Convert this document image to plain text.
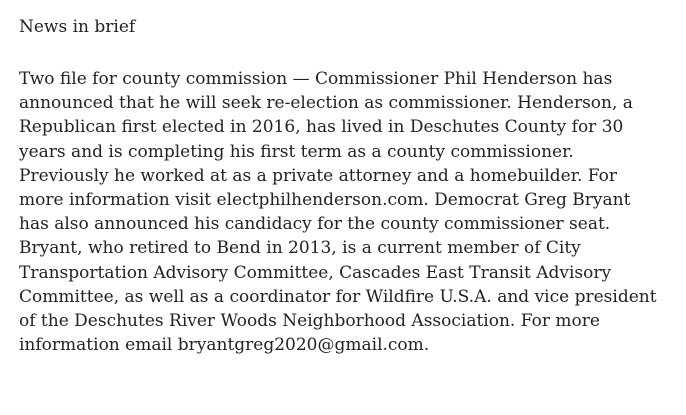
News in brief

Two file for county commission — Commissioner Phil Henderson has
announced that he will seek re-election as commissioner. Henderson, a
Republican first elected in 2016, has lived in Deschutes County for 30
years and is completing his first term as a county commissioner.
Previously he worked at as a private attorney and a homebuilder. For
more information visit electphilhenderson.com. Democrat Greg Bryant
has also announced his candidacy for the county commissioner seat.
Bryant, who retired to Bend in 2013, is a current member of City
Transportation Advisory Committee, Cascades East Transit Advisory
Committee, as well as a coordinator for Wildfire U.S.A. and vice president
of the Deschutes River Woods Neighborhood Association. For more
information email bryantgreg2020@gmail.com.
